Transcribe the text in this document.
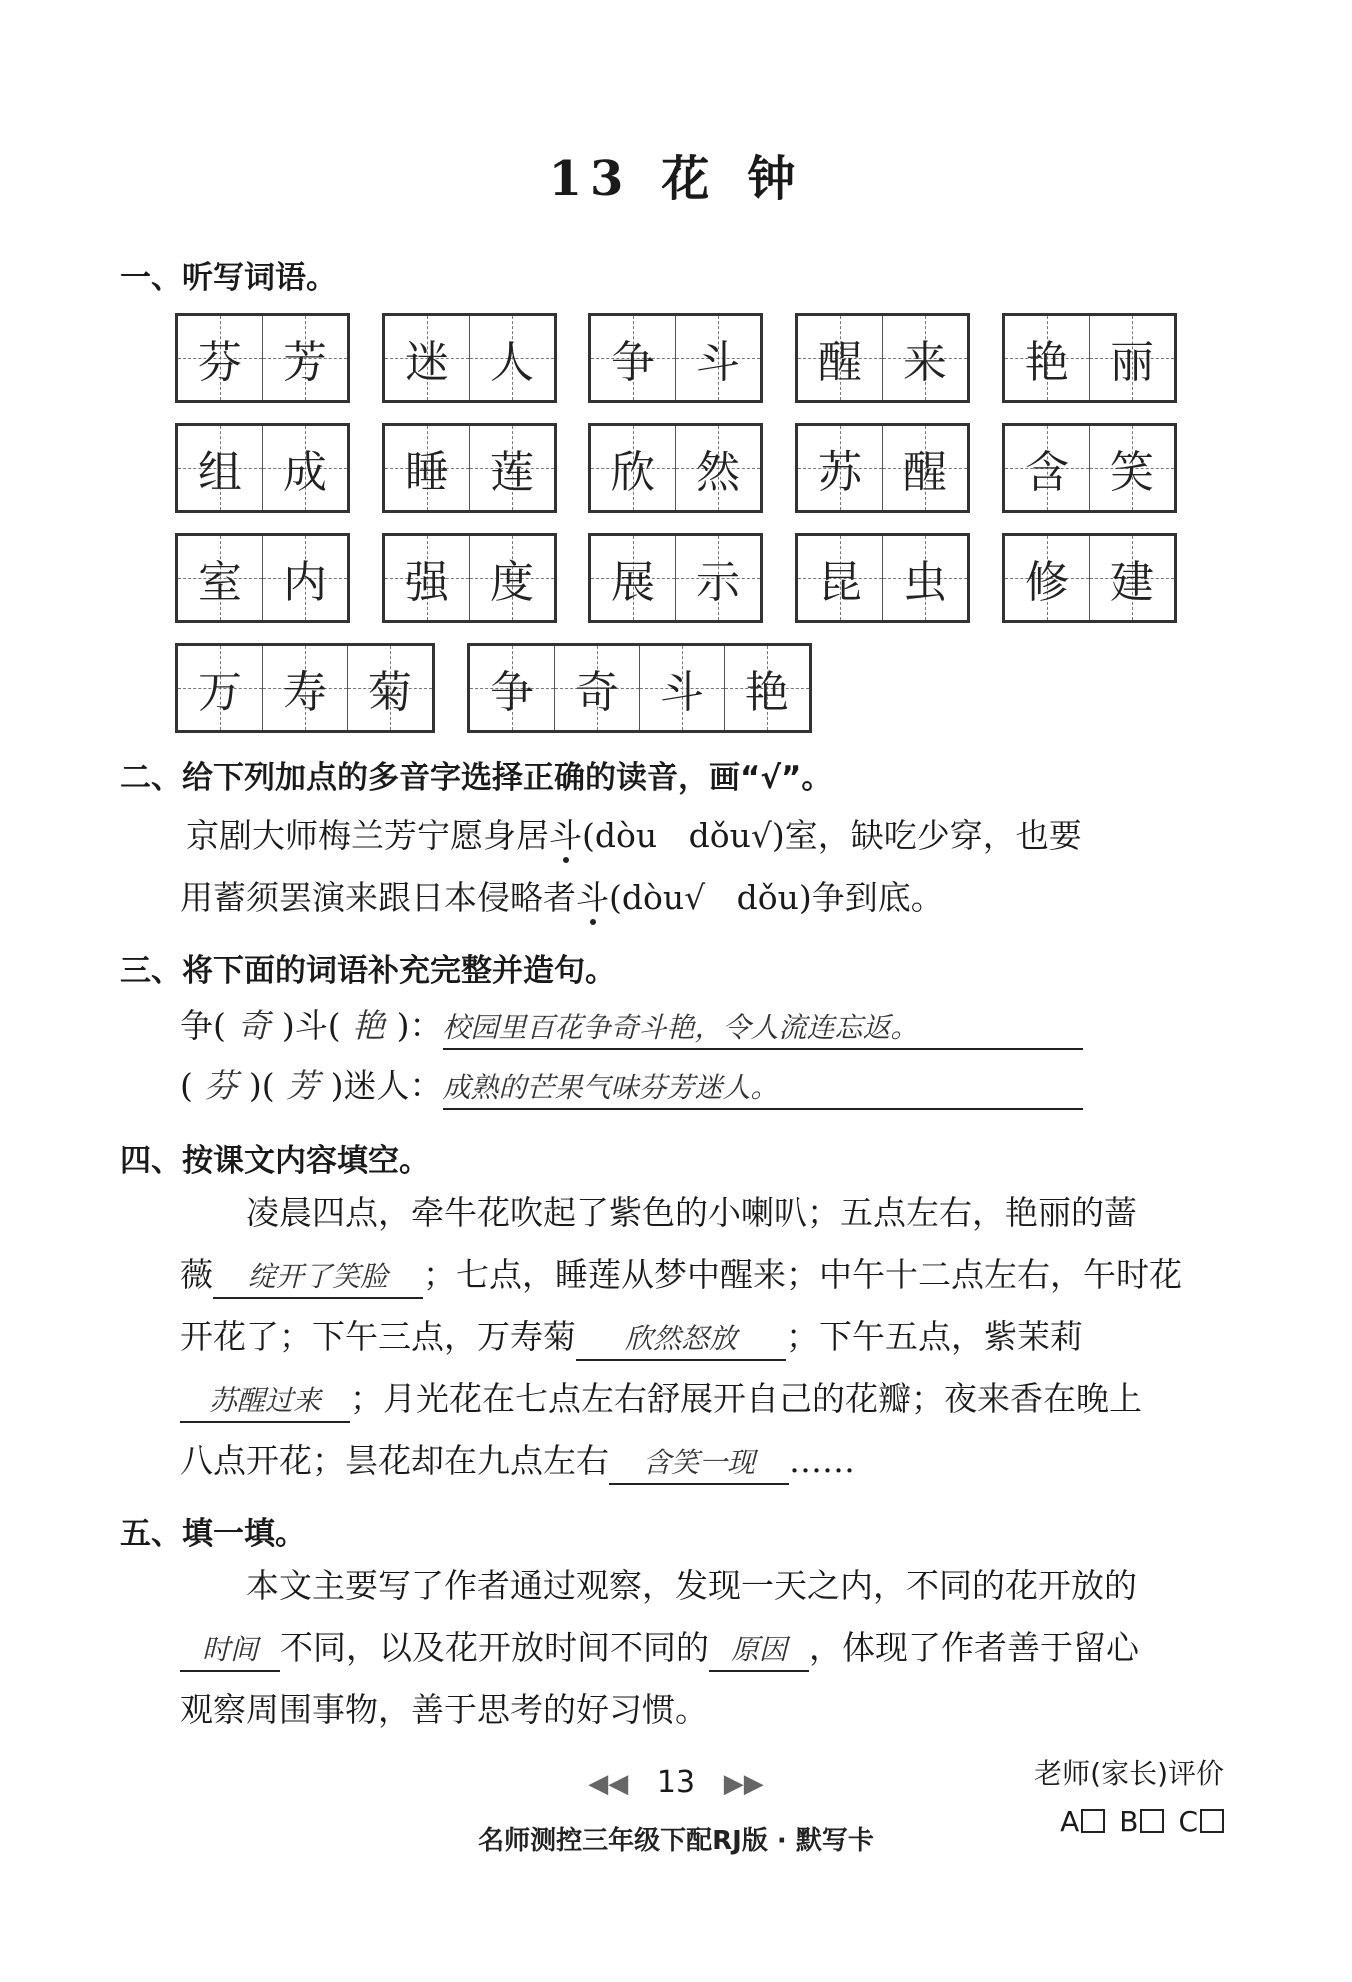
13 花 钟
一、听写词语。
芬 芳 迷 人 争 斗 醒 来 艳 丽
组 成 睡 莲 欣 然 苏 醒 含 笑
室 内 强 度 展 示 昆 虫 修 建
万 寿 菊 争 奇 斗 艳
二、给下列加点的多音字选择正确的读音，画“√”。
京剧大师梅兰芳宁愿身居斗(dòu dǒu√)室，缺吃少穿，也要
用蓄须罢演来跟日本侵略者斗(dòu√ dǒu)争到底。
三、将下面的词语补充完整并造句。
争( 奇 )斗( 艳 )：校园里百花争奇斗艳，令人流连忘返。
( 芬 )( 芳 )迷人：成熟的芒果气味芬芳迷人。
四、按课文内容填空。
凌晨四点，牵牛花吹起了紫色的小喇叭；五点左右，艳丽的蔷
薇 绽开了笑脸 ；七点，睡莲从梦中醒来；中午十二点左右，午时花
开花了；下午三点，万寿菊 欣然怒放 ；下午五点，紫茉莉
苏醒过来 ；月光花在七点左右舒展开自己的花瓣；夜来香在晚上
八点开花；昙花却在九点左右 含笑一现 ……
五、填一填。
本文主要写了作者通过观察，发现一天之内，不同的花开放的
时间 不同，以及花开放时间不同的 原因 ，体现了作者善于留心
观察周围事物，善于思考的好习惯。
◀◀ 13 ▶▶
名师测控三年级下配RJ版 · 默写卡
老师(家长)评价
A B C
